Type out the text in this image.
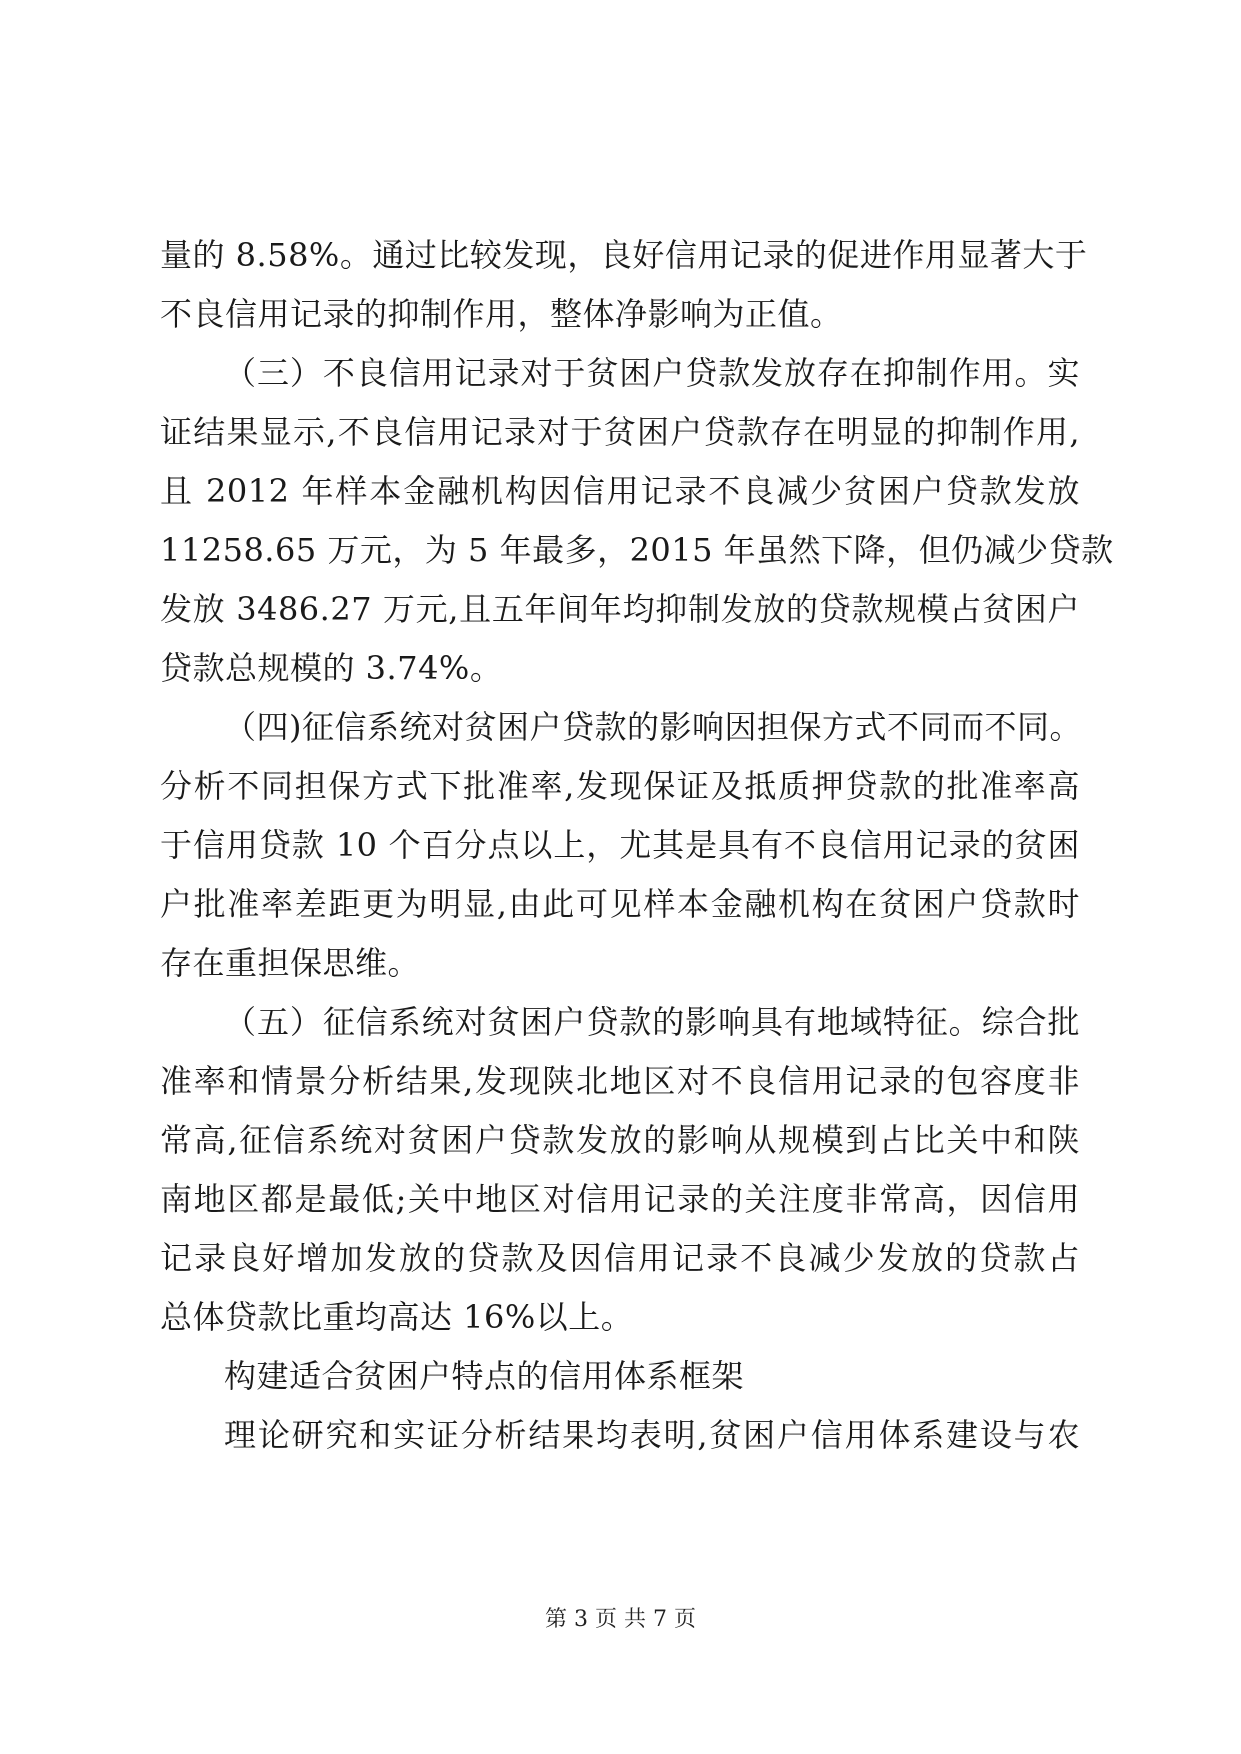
量的 8.58%。通过比较发现，良好信用记录的促进作用显著大于
不良信用记录的抑制作用，整体净影响为正值。
（三）不良信用记录对于贫困户贷款发放存在抑制作用。实
证结果显示,不良信用记录对于贫困户贷款存在明显的抑制作用,
且 2012 年样本金融机构因信用记录不良减少贫困户贷款发放
11258.65 万元，为 5 年最多，2015 年虽然下降，但仍减少贷款
发放 3486.27 万元,且五年间年均抑制发放的贷款规模占贫困户
贷款总规模的 3.74%。
（四)征信系统对贫困户贷款的影响因担保方式不同而不同。
分析不同担保方式下批准率,发现保证及抵质押贷款的批准率高
于信用贷款 10 个百分点以上，尤其是具有不良信用记录的贫困
户批准率差距更为明显,由此可见样本金融机构在贫困户贷款时
存在重担保思维。
（五）征信系统对贫困户贷款的影响具有地域特征。综合批
准率和情景分析结果,发现陕北地区对不良信用记录的包容度非
常高,征信系统对贫困户贷款发放的影响从规模到占比关中和陕
南地区都是最低;关中地区对信用记录的关注度非常高，因信用
记录良好增加发放的贷款及因信用记录不良减少发放的贷款占
总体贷款比重均高达 16%以上。
构建适合贫困户特点的信用体系框架
理论研究和实证分析结果均表明,贫困户信用体系建设与农
第 3 页 共 7 页
